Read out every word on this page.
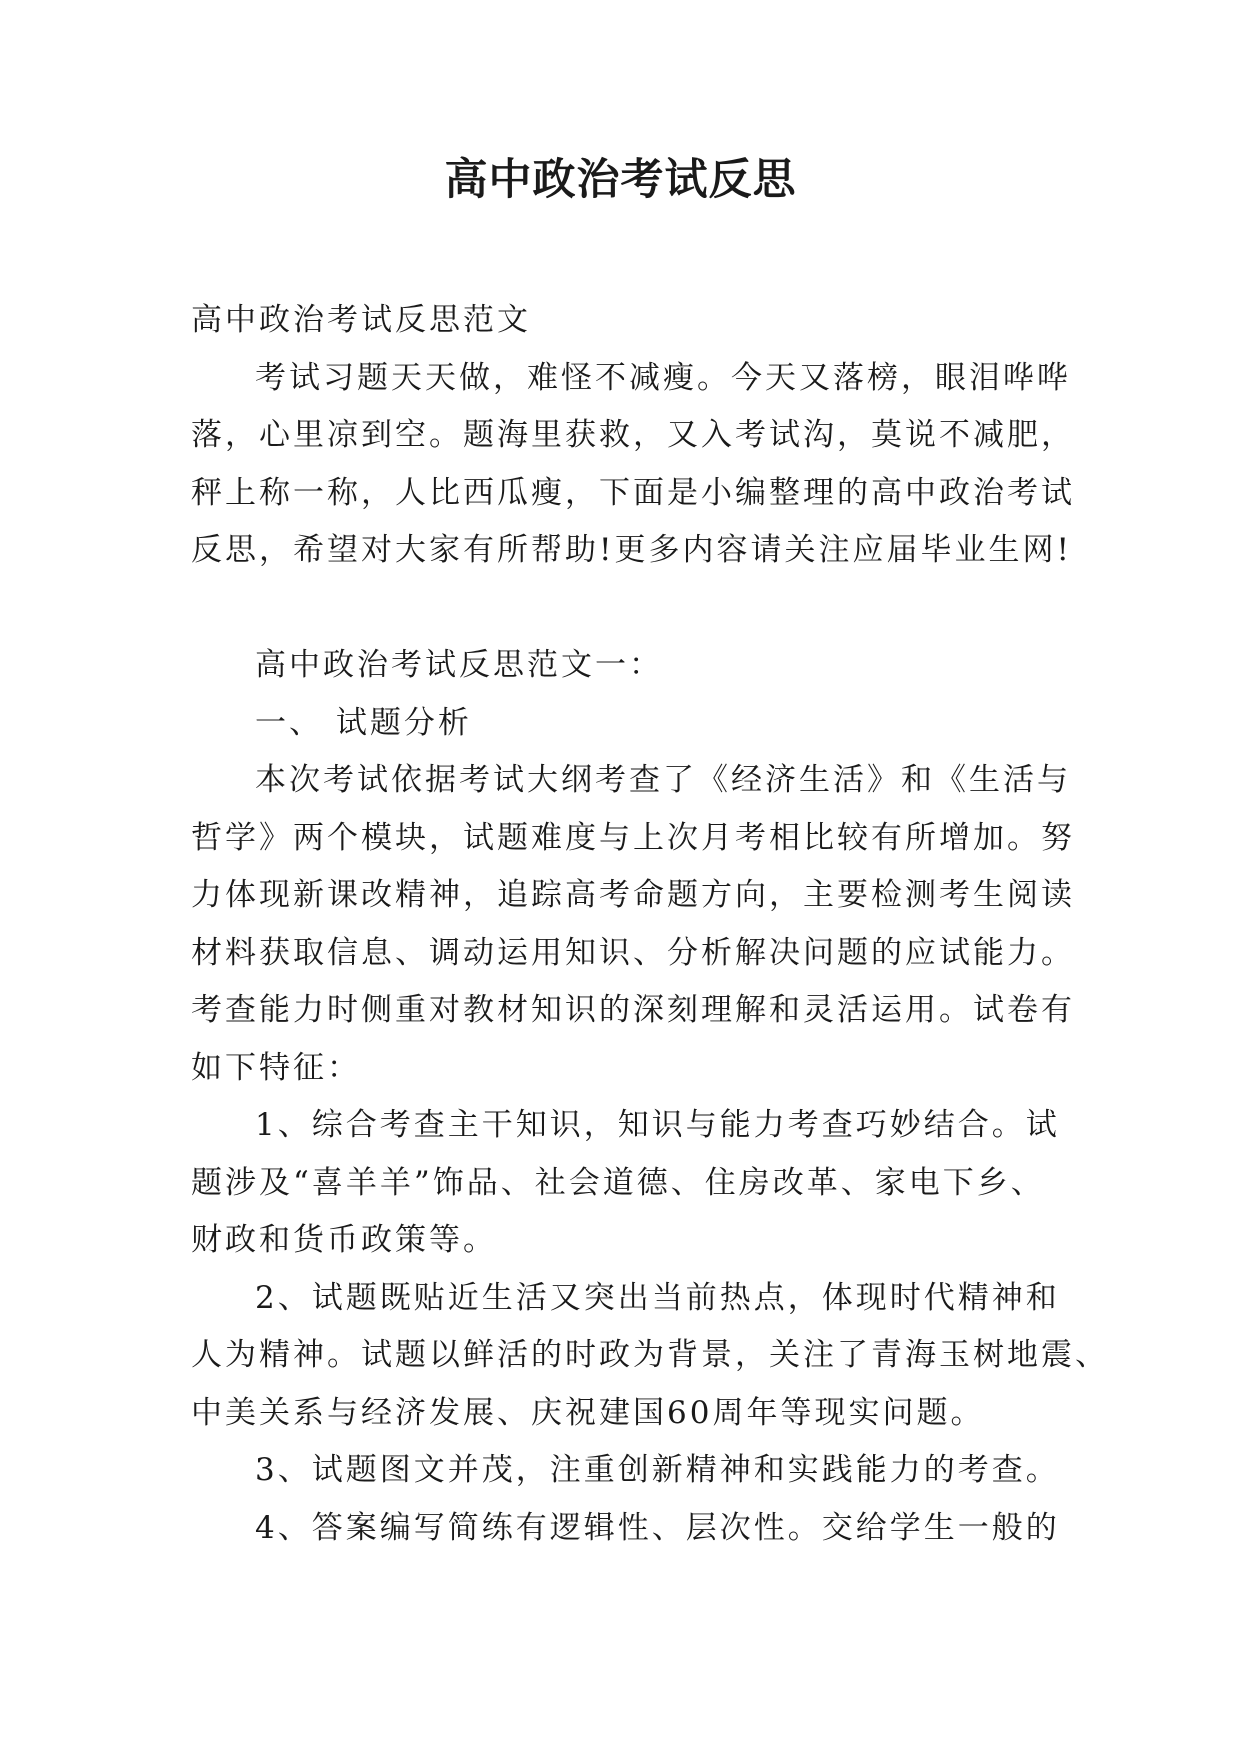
高中政治考试反思
高中政治考试反思范文
考试习题天天做，难怪不减瘦。今天又落榜，眼泪哗哗
落，心里凉到空。题海里获救，又入考试沟，莫说不减肥，
秤上称一称，人比西瓜瘦，下面是小编整理的高中政治考试
反思，希望对大家有所帮助!更多内容请关注应届毕业生网!
高中政治考试反思范文一：
一、 试题分析
本次考试依据考试大纲考查了《经济生活》和《生活与
哲学》两个模块，试题难度与上次月考相比较有所增加。努
力体现新课改精神，追踪高考命题方向，主要检测考生阅读
材料获取信息、调动运用知识、分析解决问题的应试能力。
考查能力时侧重对教材知识的深刻理解和灵活运用。试卷有
如下特征：
1、综合考查主干知识，知识与能力考查巧妙结合。试
题涉及“喜羊羊”饰品、社会道德、住房改革、家电下乡、
财政和货币政策等。
2、试题既贴近生活又突出当前热点，体现时代精神和
人为精神。试题以鲜活的时政为背景，关注了青海玉树地震、
中美关系与经济发展、庆祝建国60周年等现实问题。
3、试题图文并茂，注重创新精神和实践能力的考查。
4、答案编写简练有逻辑性、层次性。交给学生一般的
